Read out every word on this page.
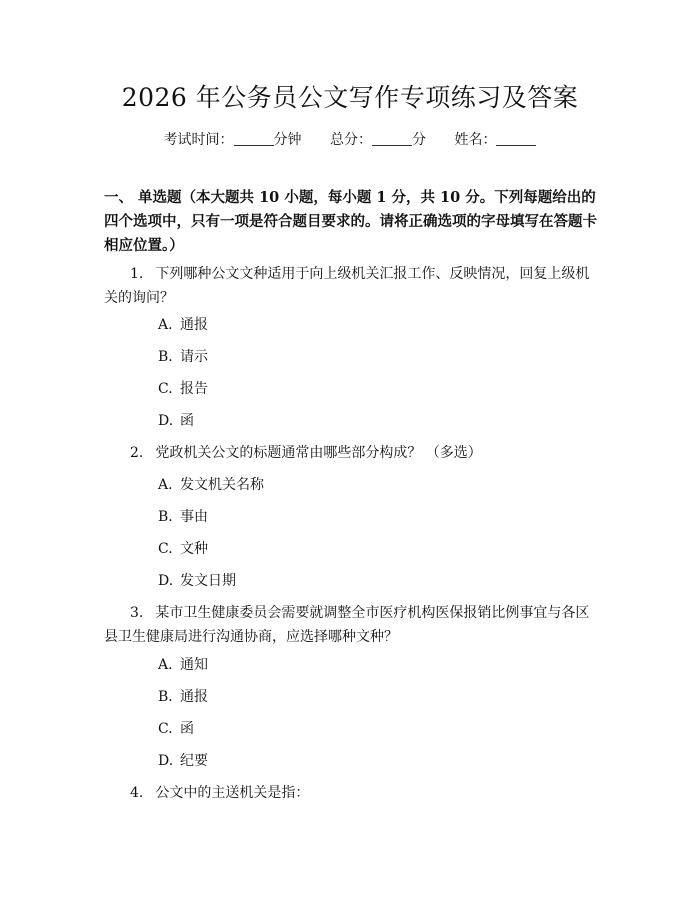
2026 年公务员公文写作专项练习及答案
考试时间：	分钟 总分：	分 姓名：
一、 单选题（本大题共 10 小题，每小题 1 分，共 10 分。下列每题给出的四个选项中，只有一项是符合题目要求的。请将正确选项的字母填写在答题卡相应位置。）
1. 下列哪种公文文种适用于向上级机关汇报工作、反映情况，回复上级机关的询问？
A. 通报
B. 请示
C. 报告
D. 函
2. 党政机关公文的标题通常由哪些部分构成？ （多选）
A. 发文机关名称
B. 事由
C. 文种
D. 发文日期
3. 某市卫生健康委员会需要就调整全市医疗机构医保报销比例事宜与各区县卫生健康局进行沟通协商，应选择哪种文种？
A. 通知
B. 通报
C. 函
D. 纪要
4. 公文中的主送机关是指：
